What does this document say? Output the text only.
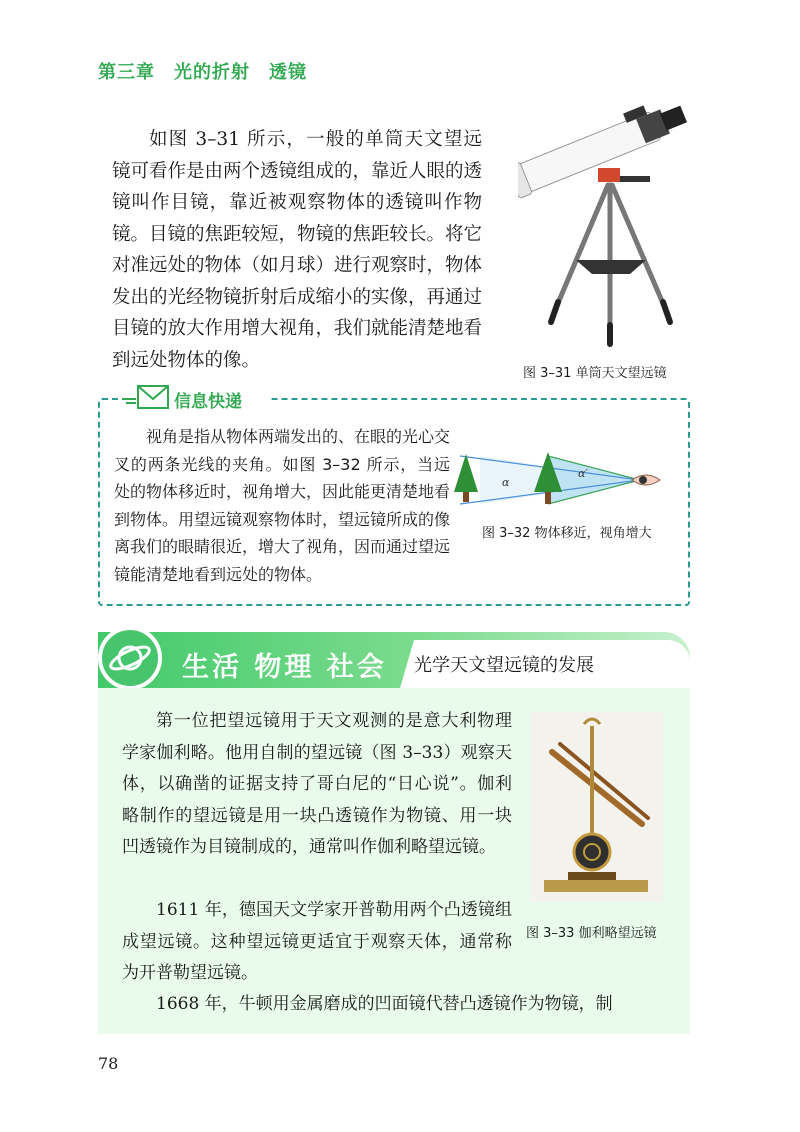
第三章　光的折射　透镜

如图 3–31 所示，一般的单筒天文望远镜可看作是由两个透镜组成的，靠近人眼的透镜叫作目镜，靠近被观察物体的透镜叫作物镜。目镜的焦距较短，物镜的焦距较长。将它对准远处的物体（如月球）进行观察时，物体发出的光经物镜折射后成缩小的实像，再通过目镜的放大作用增大视角，我们就能清楚地看到远处物体的像。

图 3–31 单筒天文望远镜
信息快递

视角是指从物体两端发出的、在眼的光心交叉的两条光线的夹角。如图 3–32 所示，当远处的物体移近时，视角增大，因此能更清楚地看到物体。用望远镜观察物体时，望远镜所成的像离我们的眼睛很近，增大了视角，因而通过望远镜能清楚地看到远处的物体。

α
α′
图 3–32 物体移近，视角增大
生活 物理 社会 光学天文望远镜的发展

第一位把望远镜用于天文观测的是意大利物理学家伽利略。他用自制的望远镜（图 3–33）观察天体，以确凿的证据支持了哥白尼的“日心说”。伽利略制作的望远镜是用一块凸透镜作为物镜、用一块凹透镜作为目镜制成的，通常叫作伽利略望远镜。

1611 年，德国天文学家开普勒用两个凸透镜组成望远镜。这种望远镜更适宜于观察天体，通常称为开普勒望远镜。

1668 年，牛顿用金属磨成的凹面镜代替凸透镜作为物镜，制

图 3–33 伽利略望远镜
78
